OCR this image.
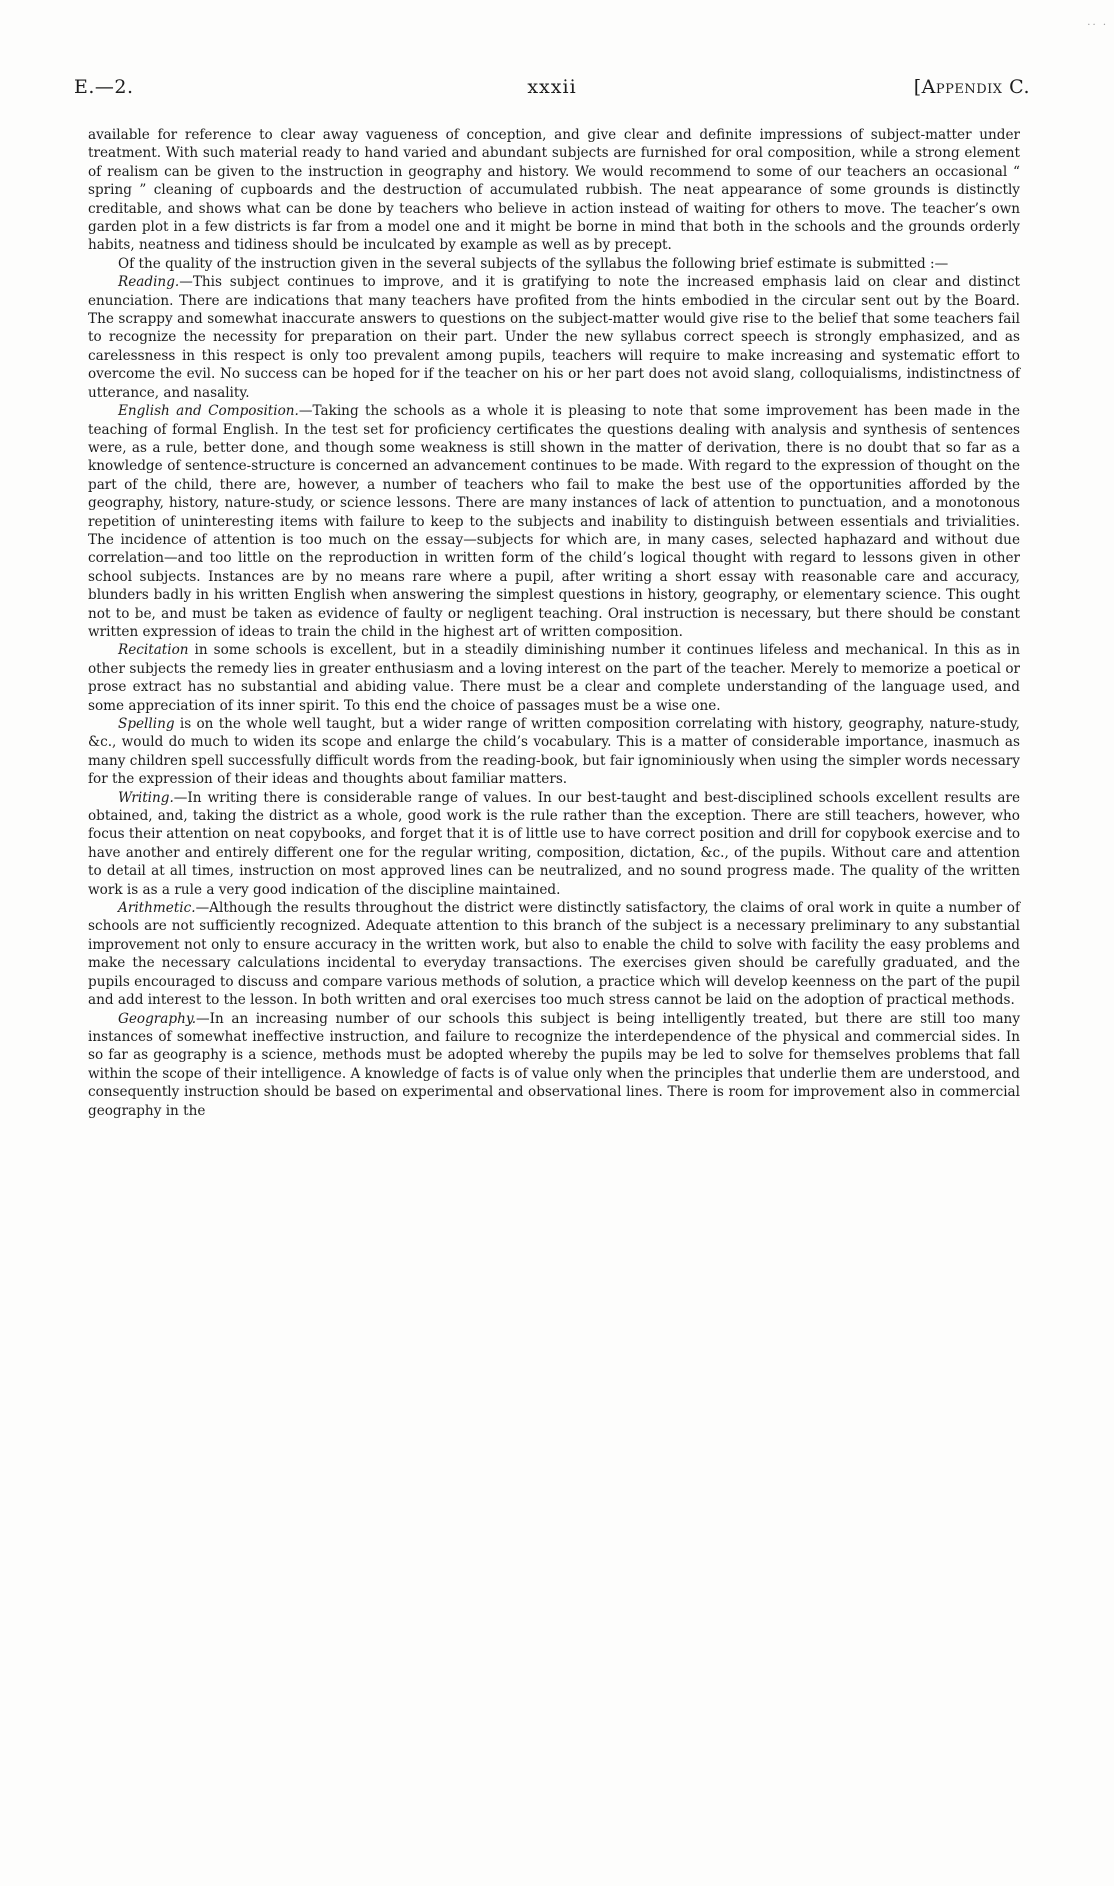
·· ·
E.—2.	xxxii	[Appendix C.

available for reference to clear away vagueness of conception, and give clear and definite impressions of subject-matter under treatment. With such material ready to hand varied and abundant subjects are furnished for oral composition, while a strong element of realism can be given to the instruction in geography and history. We would recommend to some of our teachers an occasional “ spring ” cleaning of cupboards and the destruction of accumulated rubbish. The neat appearance of some grounds is distinctly creditable, and shows what can be done by teachers who believe in action instead of waiting for others to move. The teacher’s own garden plot in a few districts is far from a model one and it might be borne in mind that both in the schools and the grounds orderly habits, neatness and tidiness should be inculcated by example as well as by precept.

Of the quality of the instruction given in the several subjects of the syllabus the following brief estimate is submitted :—

Reading.—This subject continues to improve, and it is gratifying to note the increased emphasis laid on clear and distinct enunciation. There are indications that many teachers have profited from the hints embodied in the circular sent out by the Board. The scrappy and somewhat inaccurate answers to questions on the subject-matter would give rise to the belief that some teachers fail to recognize the necessity for preparation on their part. Under the new syllabus correct speech is strongly emphasized, and as carelessness in this respect is only too prevalent among pupils, teachers will require to make increasing and systematic effort to overcome the evil. No success can be hoped for if the teacher on his or her part does not avoid slang, colloquialisms, indistinctness of utterance, and nasality.

English and Composition.—Taking the schools as a whole it is pleasing to note that some improvement has been made in the teaching of formal English. In the test set for proficiency certificates the questions dealing with analysis and synthesis of sentences were, as a rule, better done, and though some weakness is still shown in the matter of derivation, there is no doubt that so far as a knowledge of sentence-structure is concerned an advancement continues to be made. With regard to the expression of thought on the part of the child, there are, however, a number of teachers who fail to make the best use of the opportunities afforded by the geography, history, nature-study, or science lessons. There are many instances of lack of attention to punctuation, and a monotonous repetition of uninteresting items with failure to keep to the subjects and inability to distinguish between essentials and trivialities. The incidence of attention is too much on the essay—subjects for which are, in many cases, selected haphazard and without due correlation—and too little on the reproduction in written form of the child’s logical thought with regard to lessons given in other school subjects. Instances are by no means rare where a pupil, after writing a short essay with reasonable care and accuracy, blunders badly in his written English when answering the simplest questions in history, geography, or elementary science. This ought not to be, and must be taken as evidence of faulty or negligent teaching. Oral instruction is necessary, but there should be constant written expression of ideas to train the child in the highest art of written composition.

Recitation in some schools is excellent, but in a steadily diminishing number it continues lifeless and mechanical. In this as in other subjects the remedy lies in greater enthusiasm and a loving interest on the part of the teacher. Merely to memorize a poetical or prose extract has no substantial and abiding value. There must be a clear and complete understanding of the language used, and some appreciation of its inner spirit. To this end the choice of passages must be a wise one.

Spelling is on the whole well taught, but a wider range of written composition correlating with history, geography, nature-study, &c., would do much to widen its scope and enlarge the child’s vocabulary. This is a matter of considerable importance, inasmuch as many children spell successfully difficult words from the reading-book, but fair ignominiously when using the simpler words necessary for the expression of their ideas and thoughts about familiar matters.

Writing.—In writing there is considerable range of values. In our best-taught and best-disciplined schools excellent results are obtained, and, taking the district as a whole, good work is the rule rather than the exception. There are still teachers, however, who focus their attention on neat copybooks, and forget that it is of little use to have correct position and drill for copybook exercise and to have another and entirely different one for the regular writing, composition, dictation, &c., of the pupils. Without care and attention to detail at all times, instruction on most approved lines can be neutralized, and no sound progress made. The quality of the written work is as a rule a very good indication of the discipline maintained.

Arithmetic.—Although the results throughout the district were distinctly satisfactory, the claims of oral work in quite a number of schools are not sufficiently recognized. Adequate attention to this branch of the subject is a necessary preliminary to any substantial improvement not only to ensure accuracy in the written work, but also to enable the child to solve with facility the easy problems and make the necessary calculations incidental to everyday transactions. The exercises given should be carefully graduated, and the pupils encouraged to discuss and compare various methods of solution, a practice which will develop keenness on the part of the pupil and add interest to the lesson. In both written and oral exercises too much stress cannot be laid on the adoption of practical methods.

Geography.—In an increasing number of our schools this subject is being intelligently treated, but there are still too many instances of somewhat ineffective instruction, and failure to recognize the interdependence of the physical and commercial sides. In so far as geography is a science, methods must be adopted whereby the pupils may be led to solve for themselves problems that fall within the scope of their intelligence. A knowledge of facts is of value only when the principles that underlie them are understood, and consequently instruction should be based on experimental and observational lines. There is room for improvement also in commercial geography in the
